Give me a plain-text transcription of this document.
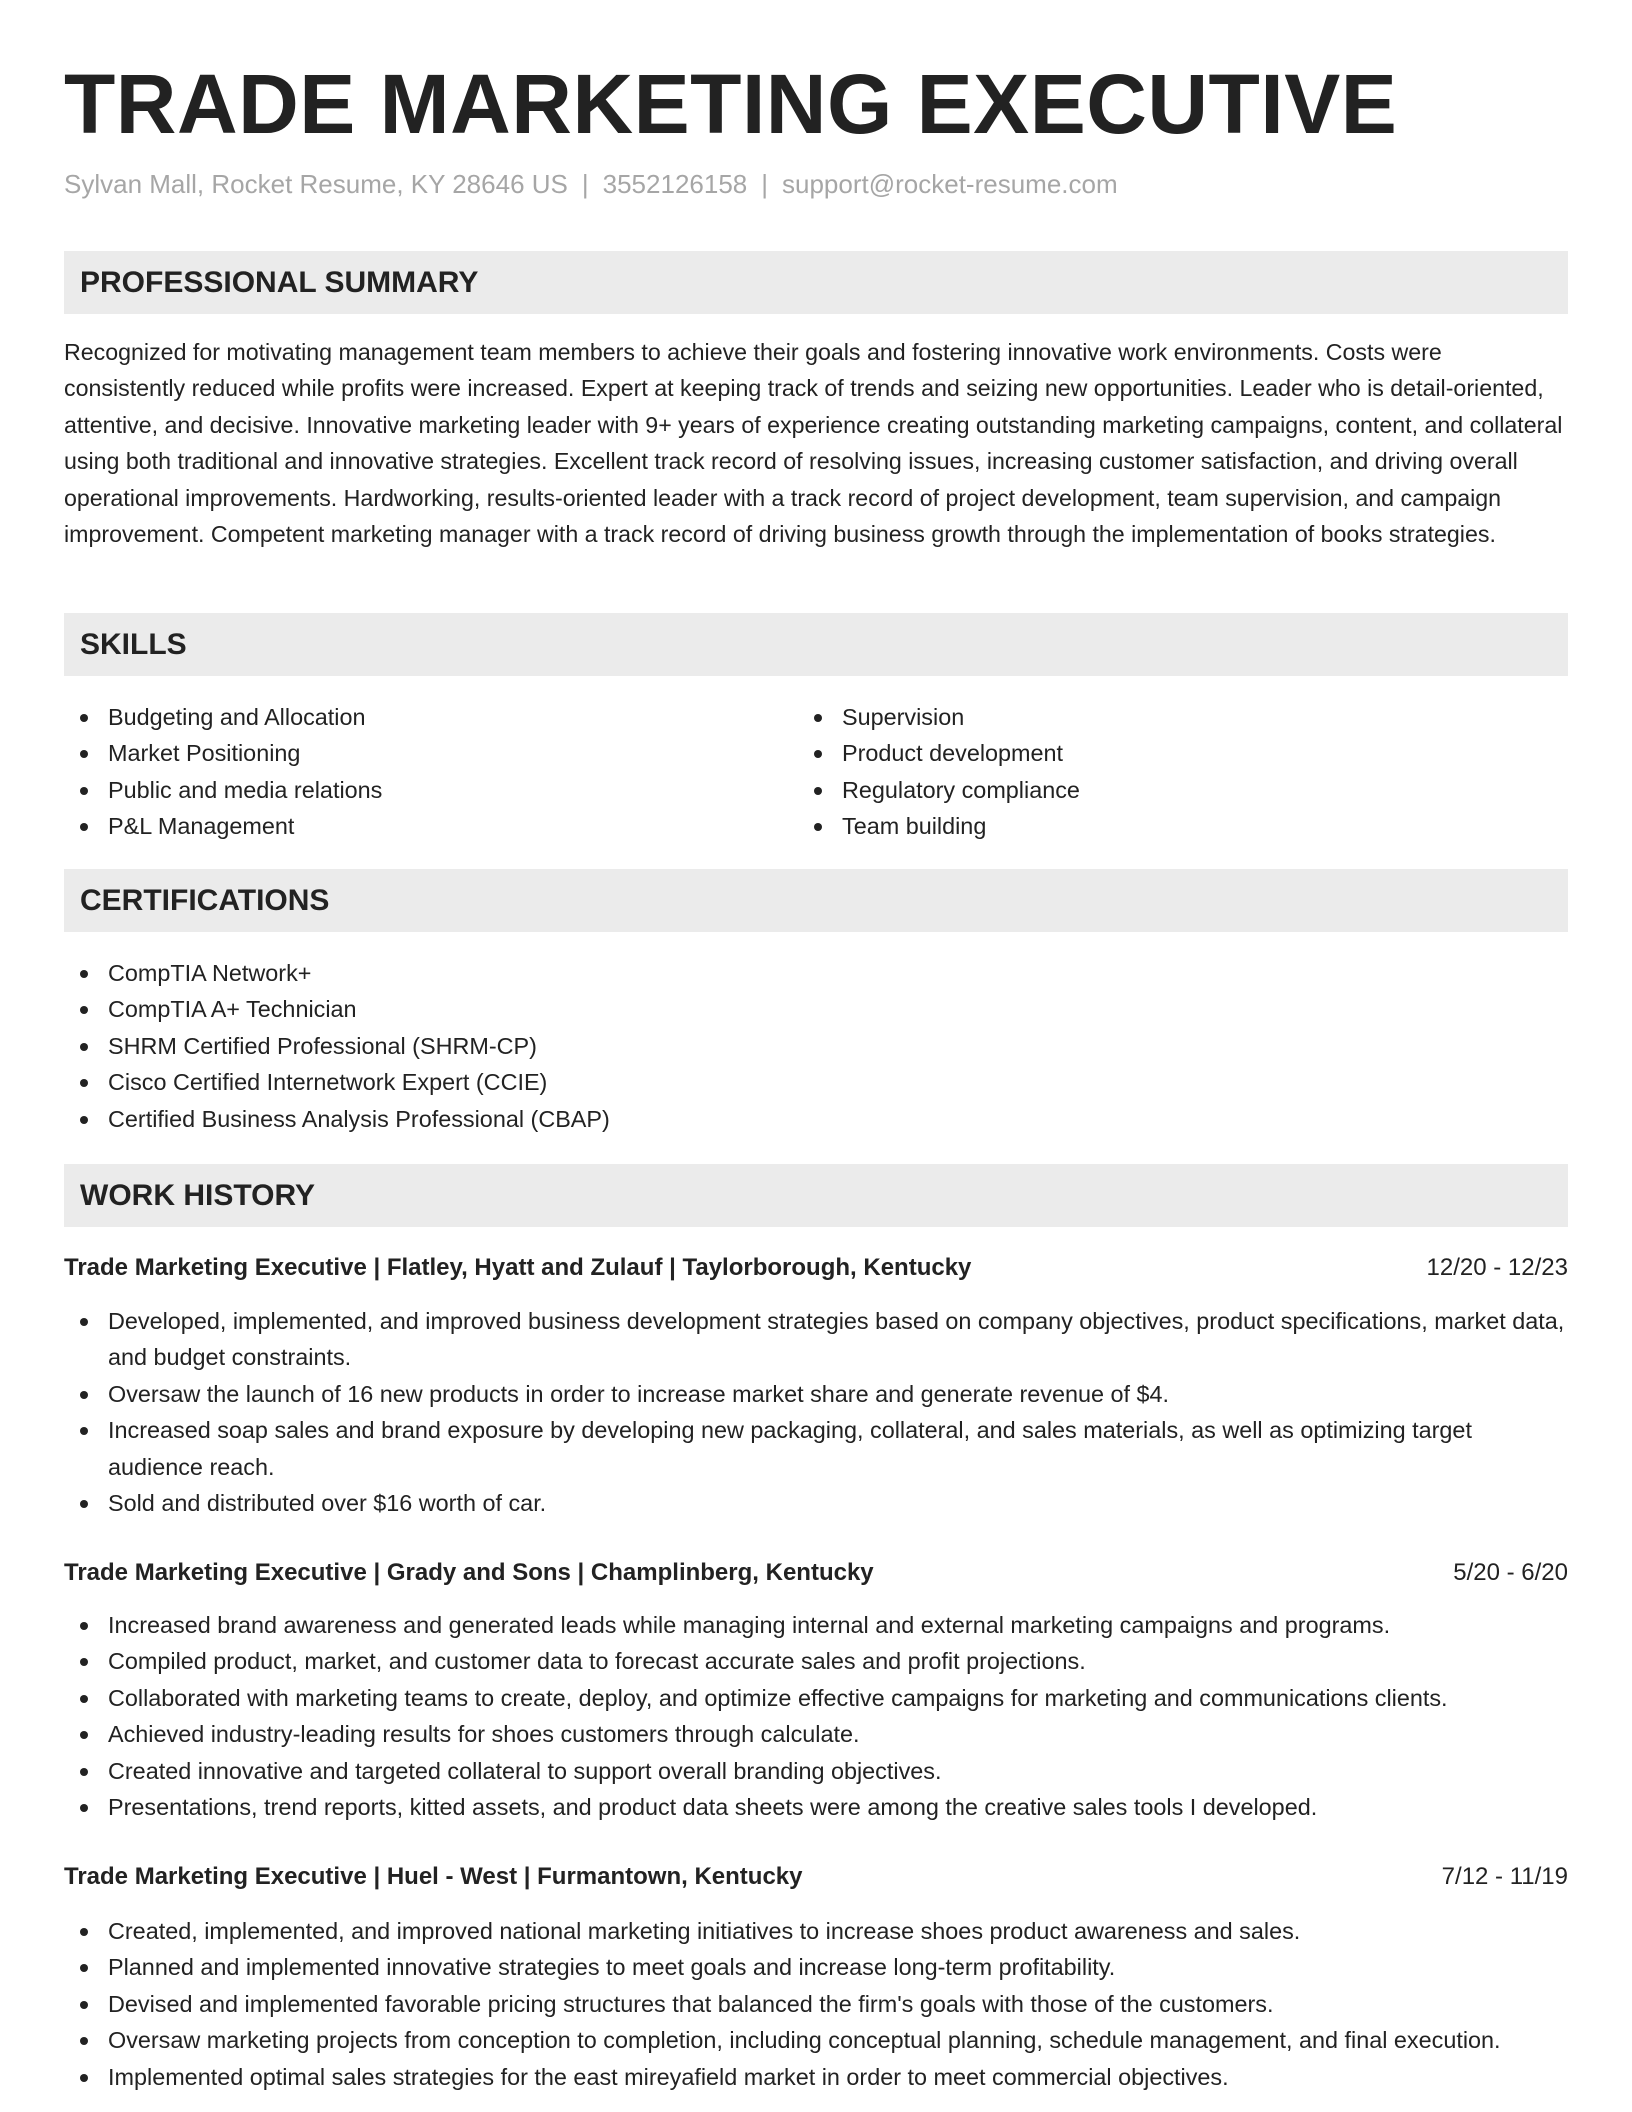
TRADE MARKETING EXECUTIVE
Sylvan Mall, Rocket Resume, KY 28646 US | 3552126158 | support@rocket-resume.com
PROFESSIONAL SUMMARY

Recognized for motivating management team members to achieve their goals and fostering innovative work environments. Costs were consistently reduced while profits were increased. Expert at keeping track of trends and seizing new opportunities. Leader who is detail-oriented, attentive, and decisive. Innovative marketing leader with 9+ years of experience creating outstanding marketing campaigns, content, and collateral using both traditional and innovative strategies. Excellent track record of resolving issues, increasing customer satisfaction, and driving overall operational improvements. Hardworking, results-oriented leader with a track record of project development, team supervision, and campaign improvement. Competent marketing manager with a track record of driving business growth through the implementation of books strategies.

SKILLS
Budgeting and Allocation
Market Positioning
Public and media relations
P&L Management
Supervision
Product development
Regulatory compliance
Team building
CERTIFICATIONS
CompTIA Network+
CompTIA A+ Technician
SHRM Certified Professional (SHRM-CP)
Cisco Certified Internetwork Expert (CCIE)
Certified Business Analysis Professional (CBAP)
WORK HISTORY
Trade Marketing Executive | Flatley, Hyatt and Zulauf | Taylorborough, Kentucky	12/20 - 12/23
Developed, implemented, and improved business development strategies based on company objectives, product specifications, market data, and budget constraints.
Oversaw the launch of 16 new products in order to increase market share and generate revenue of $4.
Increased soap sales and brand exposure by developing new packaging, collateral, and sales materials, as well as optimizing target audience reach.
Sold and distributed over $16 worth of car.
Trade Marketing Executive | Grady and Sons | Champlinberg, Kentucky	5/20 - 6/20
Increased brand awareness and generated leads while managing internal and external marketing campaigns and programs.
Compiled product, market, and customer data to forecast accurate sales and profit projections.
Collaborated with marketing teams to create, deploy, and optimize effective campaigns for marketing and communications clients.
Achieved industry-leading results for shoes customers through calculate.
Created innovative and targeted collateral to support overall branding objectives.
Presentations, trend reports, kitted assets, and product data sheets were among the creative sales tools I developed.
Trade Marketing Executive | Huel - West | Furmantown, Kentucky	7/12 - 11/19
Created, implemented, and improved national marketing initiatives to increase shoes product awareness and sales.
Planned and implemented innovative strategies to meet goals and increase long-term profitability.
Devised and implemented favorable pricing structures that balanced the firm's goals with those of the customers.
Oversaw marketing projects from conception to completion, including conceptual planning, schedule management, and final execution.
Implemented optimal sales strategies for the east mireyafield market in order to meet commercial objectives.
